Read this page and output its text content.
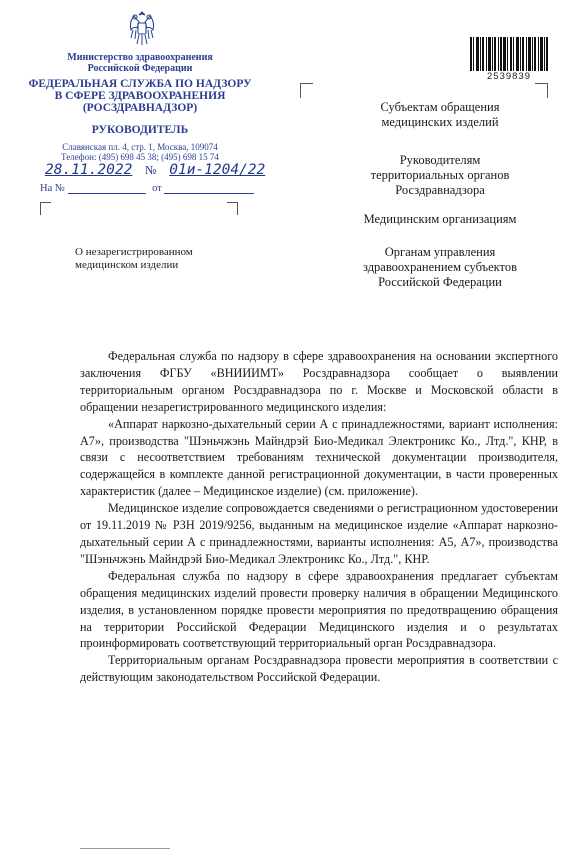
Министерство здравоохранения
Российской Федерации
ФЕДЕРАЛЬНАЯ СЛУЖБА ПО НАДЗОРУ
В СФЕРЕ ЗДРАВООХРАНЕНИЯ
(РОСЗДРАВНАДЗОР)
РУКОВОДИТЕЛЬ
Славянская пл. 4, стр. 1, Москва, 109074
Телефон: (495) 698 45 38; (495) 698 15 74
2539839
28.11.2022 № 01и-1204/22
На №	от
О незарегистрированном
медицинском изделии
Субъектам обращения
медицинских изделий
Руководителям
территориальных органов
Росздравнадзора
Медицинским организациям
Органам управления
здравоохранением субъектов
Российской Федерации

Федеральная служба по надзору в сфере здравоохранения на основании экспертного заключения ФГБУ «ВНИИИМТ» Росздравнадзора сообщает о выявлении территориальным органом Росздравнадзора по г. Москве и Московской области в обращении незарегистрированного медицинского изделия:

«Аппарат наркозно-дыхательный серии А с принадлежностями, вариант исполнения: А7», производства "Шэньчжэнь Майндрэй Био-Медикал Электроникс Ко., Лтд.", КНР, в связи с несоответствием требованиям технической документации производителя, содержащейся в комплекте данной регистрационной документации, в части проверенных характеристик (далее – Медицинское изделие) (см. приложение).

Медицинское изделие сопровождается сведениями о регистрационном удостоверении от 19.11.2019 № РЗН 2019/9256, выданным на медицинское изделие «Аппарат наркозно-дыхательный серии А с принадлежностями, варианты исполнения: А5, А7», производства "Шэньчжэнь Майндрэй Био-Медикал Электроникс Ко., Лтд.", КНР.

Федеральная служба по надзору в сфере здравоохранения предлагает субъектам обращения медицинских изделий провести проверку наличия в обращении Медицинского изделия, в установленном порядке провести мероприятия по предотвращению обращения на территории Российской Федерации Медицинского изделия и о результатах проинформировать соответствующий территориальный орган Росздравнадзора.

Территориальным органам Росздравнадзора провести мероприятия в соответствии с действующим законодательством Российской Федерации.
